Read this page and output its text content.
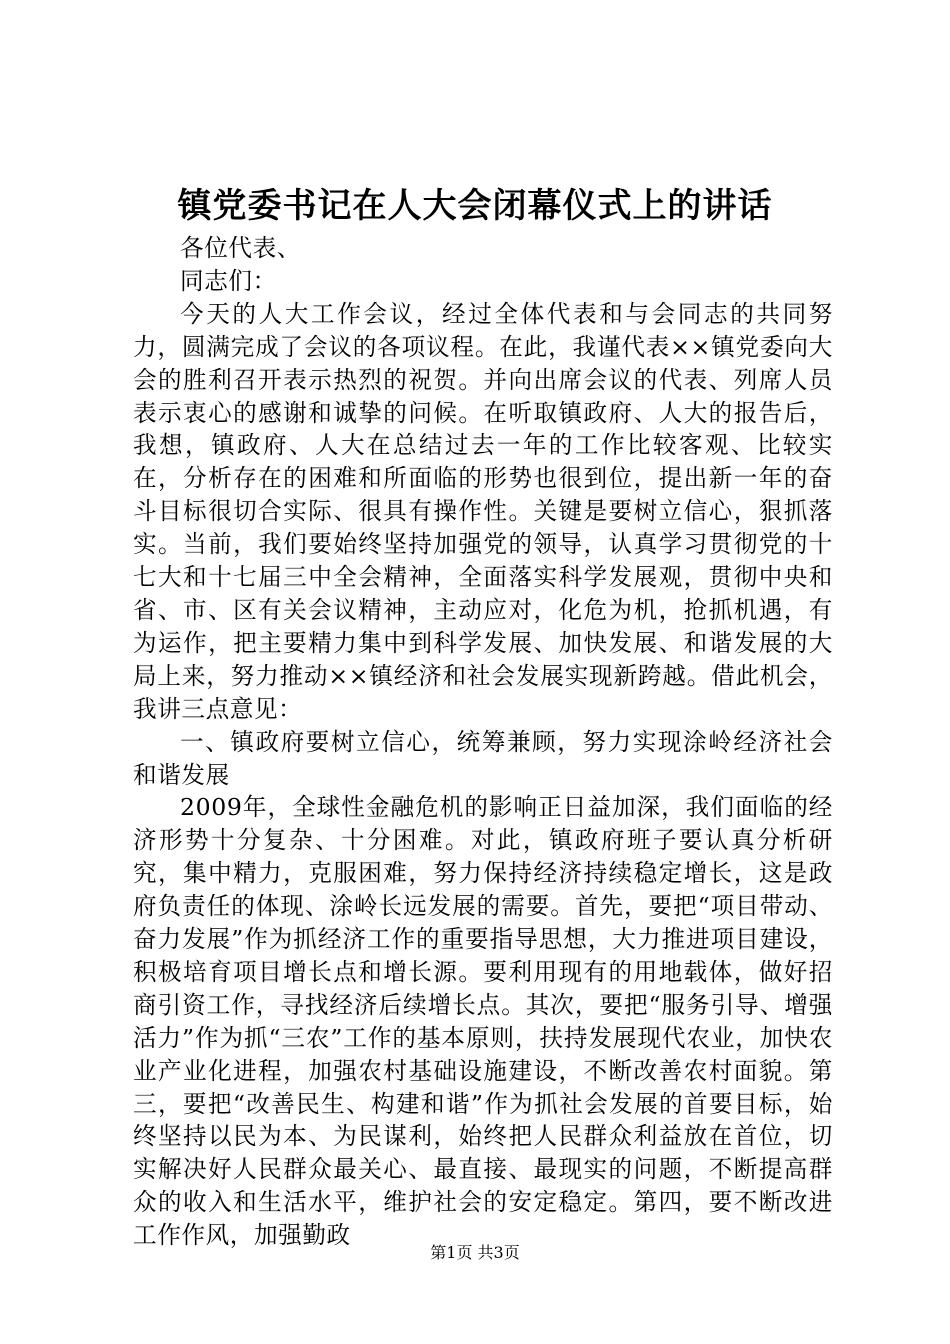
镇党委书记在人大会闭幕仪式上的讲话

各位代表、

同志们：

今天的人大工作会议，经过全体代表和与会同志的共同努力，圆满完成了会议的各项议程。在此，我谨代表××镇党委向大会的胜利召开表示热烈的祝贺。并向出席会议的代表、列席人员表示衷心的感谢和诚挚的问候。在听取镇政府、人大的报告后，我想，镇政府、人大在总结过去一年的工作比较客观、比较实在，分析存在的困难和所面临的形势也很到位，提出新一年的奋斗目标很切合实际、很具有操作性。关键是要树立信心，狠抓落实。当前，我们要始终坚持加强党的领导，认真学习贯彻党的十七大和十七届三中全会精神，全面落实科学发展观，贯彻中央和省、市、区有关会议精神，主动应对，化危为机，抢抓机遇，有为运作，把主要精力集中到科学发展、加快发展、和谐发展的大局上来，努力推动××镇经济和社会发展实现新跨越。借此机会，我讲三点意见：

一、镇政府要树立信心，统筹兼顾，努力实现涂岭经济社会和谐发展

2009年，全球性金融危机的影响正日益加深，我们面临的经济形势十分复杂、十分困难。对此，镇政府班子要认真分析研究，集中精力，克服困难，努力保持经济持续稳定增长，这是政府负责任的体现、涂岭长远发展的需要。首先，要把“项目带动、奋力发展”作为抓经济工作的重要指导思想，大力推进项目建设，积极培育项目增长点和增长源。要利用现有的用地载体，做好招商引资工作，寻找经济后续增长点。其次，要把“服务引导、增强活力”作为抓“三农”工作的基本原则，扶持发展现代农业，加快农业产业化进程，加强农村基础设施建设，不断改善农村面貌。第三，要把“改善民生、构建和谐”作为抓社会发展的首要目标，始终坚持以民为本、为民谋利，始终把人民群众利益放在首位，切实解决好人民群众最关心、最直接、最现实的问题，不断提高群众的收入和生活水平，维护社会的安定稳定。第四，要不断改进工作作风，加强勤政

第1页 共3页
